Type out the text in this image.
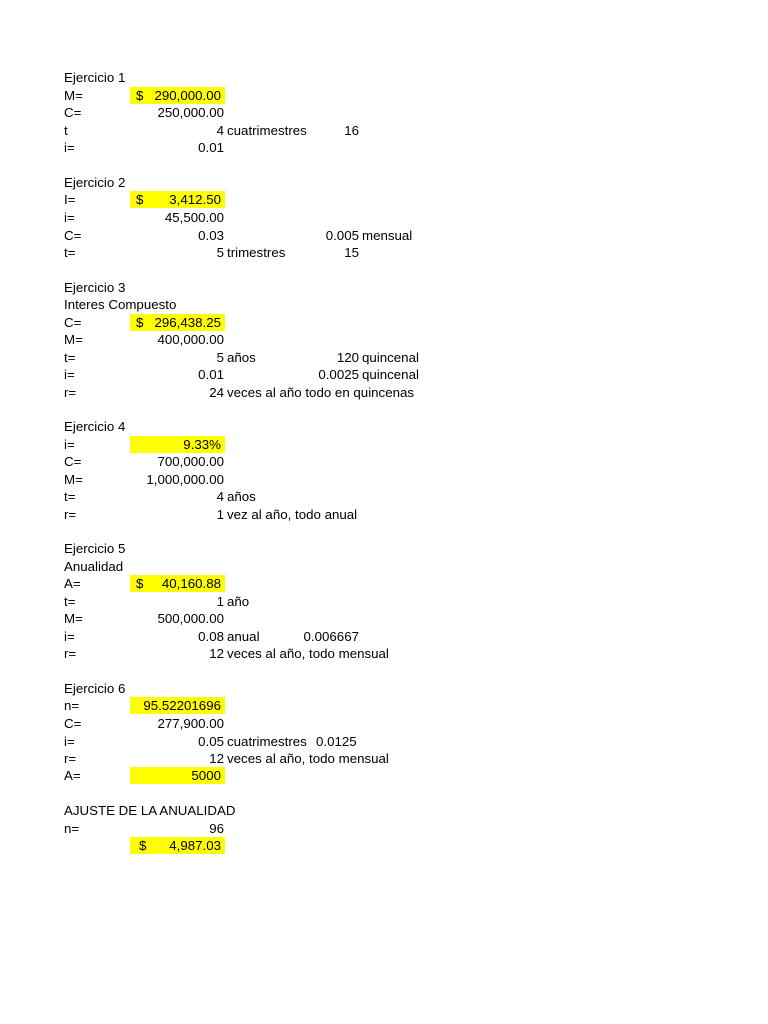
Ejercicio 1
M=	$ 290,000.00
C=	250,000.00
t	4 cuatrimestres	16
i=	0.01
Ejercicio 2
I=	$ 3,412.50
i=	45,500.00
C=	0.03	0.005 mensual
t=	5 trimestres	15
Ejercicio 3
Interes Compuesto
C=	$ 296,438.25
M=	400,000.00
t=	5 años	120 quincenal
i=	0.01	0.0025 quincenal
r=	24 veces al año todo en quincenas
Ejercicio 4
i=	9.33%
C=	700,000.00
M=	1,000,000.00
t=	4 años
r=	1 vez al año, todo anual
Ejercicio 5
Anualidad
A=	$ 40,160.88
t=	1 año
M=	500,000.00
i=	0.08 anual	0.006667
r=	12 veces al año, todo mensual
Ejercicio 6
n=	95.52201696
C=	277,900.00
i=	0.05 cuatrimestres 0.0125
r=	12 veces al año, todo mensual
A=	5000
AJUSTE DE LA ANUALIDAD
n=	96
$ 4,987.03
